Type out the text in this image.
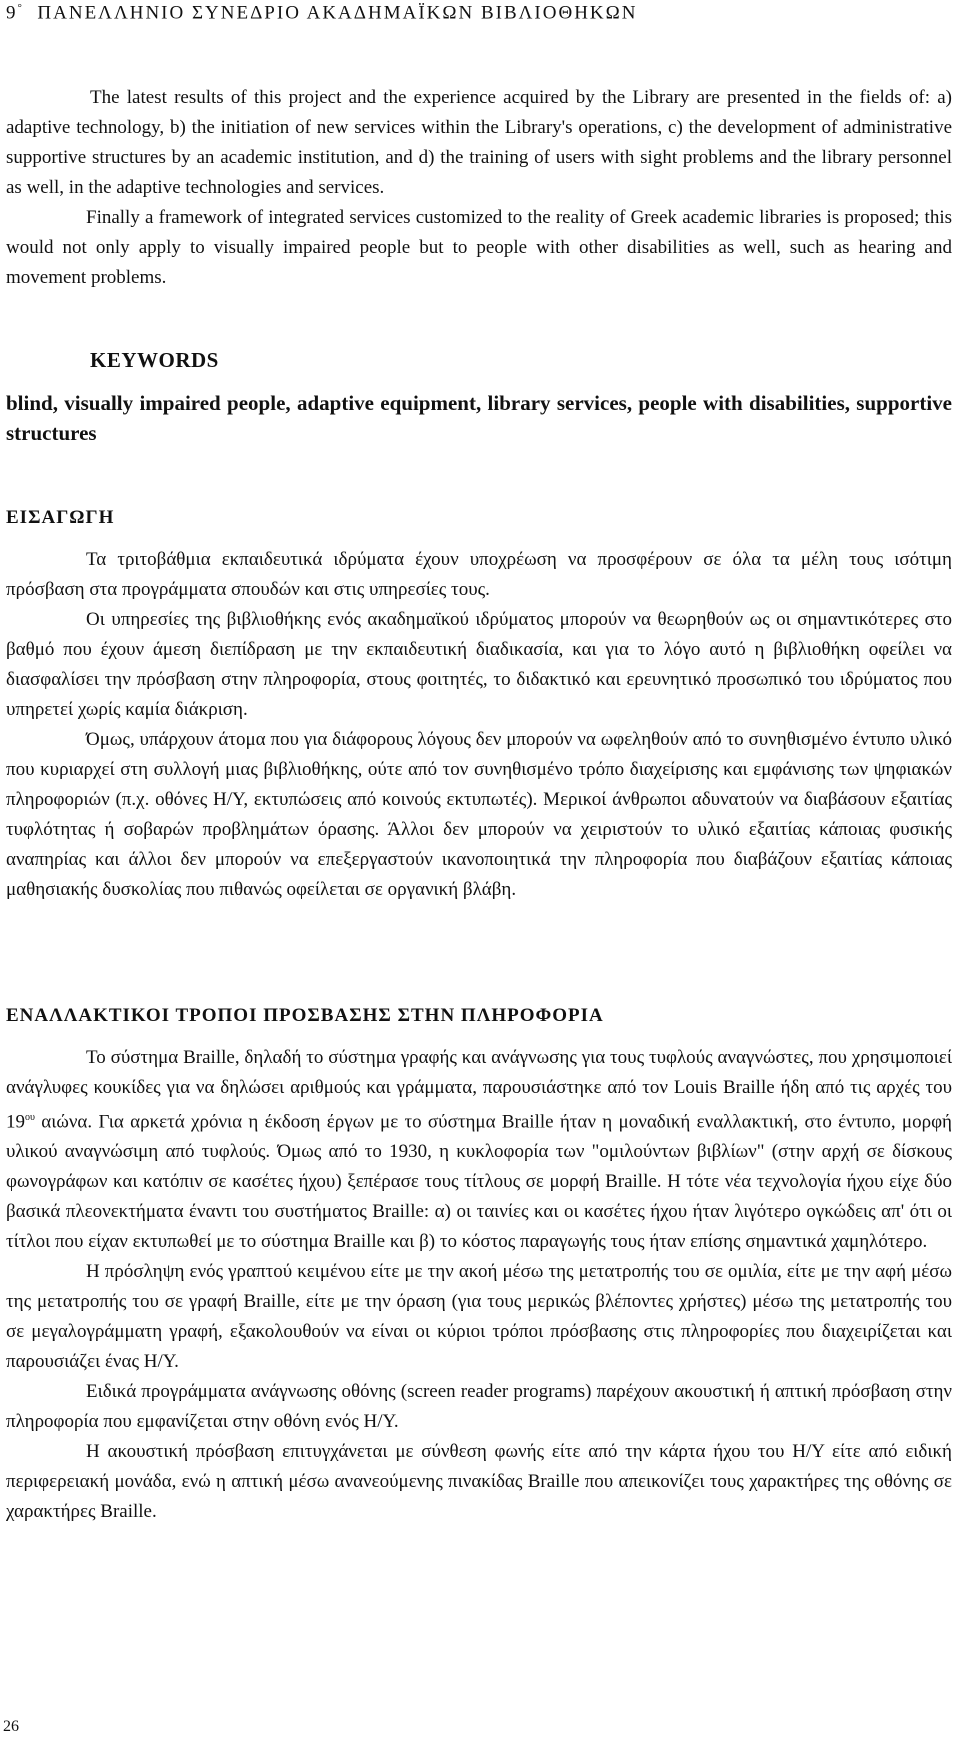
9° ΠΑΝΕΛΛΗΝΙΟ ΣΥΝΕΔΡΙΟ ΑΚΑΔΗΜΑΪΚΩΝ ΒΙΒΛΙΟΘΗΚΩΝ

The latest results of this project and the experience acquired by the Library are presented in the fields of: a) adaptive technology, b) the initiation of new services within the Library's operations, c) the development of administrative supportive structures by an academic institution, and d) the training of users with sight problems and the library personnel as well, in the adaptive technologies and services.

Finally a framework of integrated services customized to the reality of Greek academic libraries is proposed; this would not only apply to visually impaired people but to people with other disabilities as well, such as hearing and movement problems.

KEYWORDS
blind, visually impaired people, adaptive equipment, library services, people with disabilities, supportive structures
ΕΙΣΑΓΩΓΗ

Τα τριτοβάθμια εκπαιδευτικά ιδρύματα έχουν υποχρέωση να προσφέρουν σε όλα τα μέλη τους ισότιμη πρόσβαση στα προγράμματα σπουδών και στις υπηρεσίες τους.

Οι υπηρεσίες της βιβλιοθήκης ενός ακαδημαϊκού ιδρύματος μπορούν να θεωρηθούν ως οι σημαντικότερες στο βαθμό που έχουν άμεση διεπίδραση με την εκπαιδευτική διαδικασία, και για το λόγο αυτό η βιβλιοθήκη οφείλει να διασφαλίσει την πρόσβαση στην πληροφορία, στους φοιτητές, το διδακτικό και ερευνητικό προσωπικό του ιδρύματος που υπηρετεί χωρίς καμία διάκριση.

Όμως, υπάρχουν άτομα που για διάφορους λόγους δεν μπορούν να ωφεληθούν από το συνηθισμένο έντυπο υλικό που κυριαρχεί στη συλλογή μιας βιβλιοθήκης, ούτε από τον συνηθισμένο τρόπο διαχείρισης και εμφάνισης των ψηφιακών πληροφοριών (π.χ. οθόνες Η/Υ, εκτυπώσεις από κοινούς εκτυπωτές). Μερικοί άνθρωποι αδυνατούν να διαβάσουν εξαιτίας τυφλότητας ή σοβαρών προβλημάτων όρασης. Άλλοι δεν μπορούν να χειριστούν το υλικό εξαιτίας κάποιας φυσικής αναπηρίας και άλλοι δεν μπορούν να επεξεργαστούν ικανοποιητικά την πληροφορία που διαβάζουν εξαιτίας κάποιας μαθησιακής δυσκολίας που πιθανώς οφείλεται σε οργανική βλάβη.

ΕΝΑΛΛΑΚΤΙΚΟΙ ΤΡΟΠΟΙ ΠΡΟΣΒΑΣΗΣ ΣΤΗΝ ΠΛΗΡΟΦΟΡΙΑ

Το σύστημα Braille, δηλαδή το σύστημα γραφής και ανάγνωσης για τους τυφλούς αναγνώστες, που χρησιμοποιεί ανάγλυφες κουκίδες για να δηλώσει αριθμούς και γράμματα, παρουσιάστηκε από τον Louis Braille ήδη από τις αρχές του $19^{o\upsilon}$ αιώνα. Για αρκετά χρόνια η έκδοση έργων με το σύστημα Braille ήταν η μοναδική εναλλακτική, στο έντυπο, μορφή υλικού αναγνώσιμη από τυφλούς. Όμως από το 1930, η κυκλοφορία των "ομιλούντων βιβλίων" (στην αρχή σε δίσκους φωνογράφων και κατόπιν σε κασέτες ήχου) ξεπέρασε τους τίτλους σε μορφή Braille. Η τότε νέα τεχνολογία ήχου είχε δύο βασικά πλεονεκτήματα έναντι του συστήματος Braille: α) οι ταινίες και οι κασέτες ήχου ήταν λιγότερο ογκώδεις απ' ότι οι τίτλοι που είχαν εκτυπωθεί με το σύστημα Braille και β) το κόστος παραγωγής τους ήταν επίσης σημαντικά χαμηλότερο.

Η πρόσληψη ενός γραπτού κειμένου είτε με την ακοή μέσω της μετατροπής του σε ομιλία, είτε με την αφή μέσω της μετατροπής του σε γραφή Braille, είτε με την όραση (για τους μερικώς βλέποντες χρήστες) μέσω της μετατροπής του σε μεγαλογράμματη γραφή, εξακολουθούν να είναι οι κύριοι τρόποι πρόσβασης στις πληροφορίες που διαχειρίζεται και παρουσιάζει ένας Η/Υ.

Ειδικά προγράμματα ανάγνωσης οθόνης (screen reader programs) παρέχουν ακουστική ή απτική πρόσβαση στην πληροφορία που εμφανίζεται στην οθόνη ενός Η/Υ.

Η ακουστική πρόσβαση επιτυγχάνεται με σύνθεση φωνής είτε από την κάρτα ήχου του Η/Υ είτε από ειδική περιφερειακή μονάδα, ενώ η απτική μέσω ανανεούμενης πινακίδας Braille που απεικονίζει τους χαρακτήρες της οθόνης σε χαρακτήρες Braille.

26
